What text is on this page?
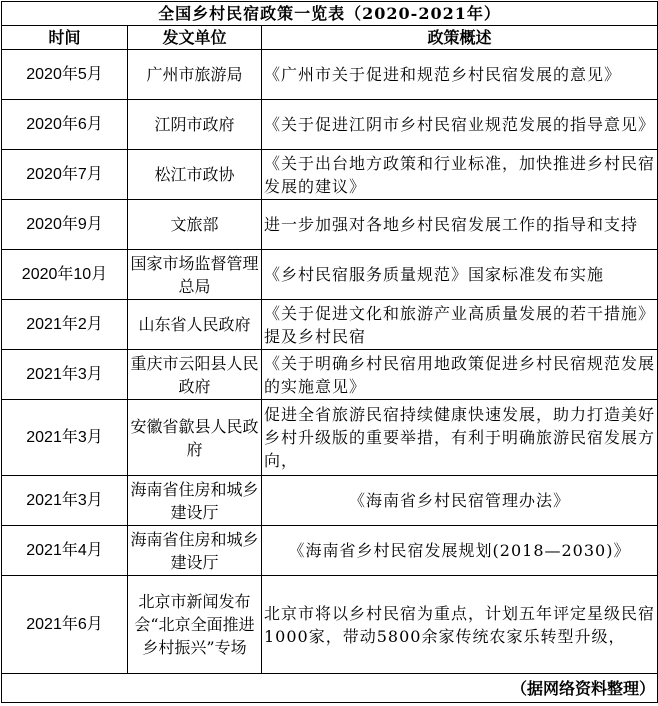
全国乡村民宿政策一览表（2020-2021年）		
时间	发文单位	政策概述
2020年5月	广州市旅游局	《广州市关于促进和规范乡村民宿发展的意见》
2020年6月	江阴市政府	《关于促进江阴市乡村民宿业规范发展的指导意见》
2020年7月	松江市政协	《关于出台地方政策和行业标准，加快推进乡村民宿发展的建议》
2020年9月	文旅部	进一步加强对各地乡村民宿发展工作的指导和支持
2020年10月	国家市场监督管理总局	《乡村民宿服务质量规范》国家标准发布实施
2021年2月	山东省人民政府	《关于促进文化和旅游产业高质量发展的若干措施》提及乡村民宿
2021年3月	重庆市云阳县人民政府	《关于明确乡村民宿用地政策促进乡村民宿规范发展的实施意见》
2021年3月	安徽省歙县人民政府	促进全省旅游民宿持续健康快速发展，助力打造美好乡村升级版的重要举措，有利于明确旅游民宿发展方向，
2021年3月	海南省住房和城乡建设厅	《海南省乡村民宿管理办法》
2021年4月	海南省住房和城乡建设厅	《海南省乡村民宿发展规划(2018—2030)》
2021年6月	北京市新闻发布会“北京全面推进乡村振兴”专场	北京市将以乡村民宿为重点，计划五年评定星级民宿1000家，带动5800余家传统农家乐转型升级，
（据网络资料整理）		
